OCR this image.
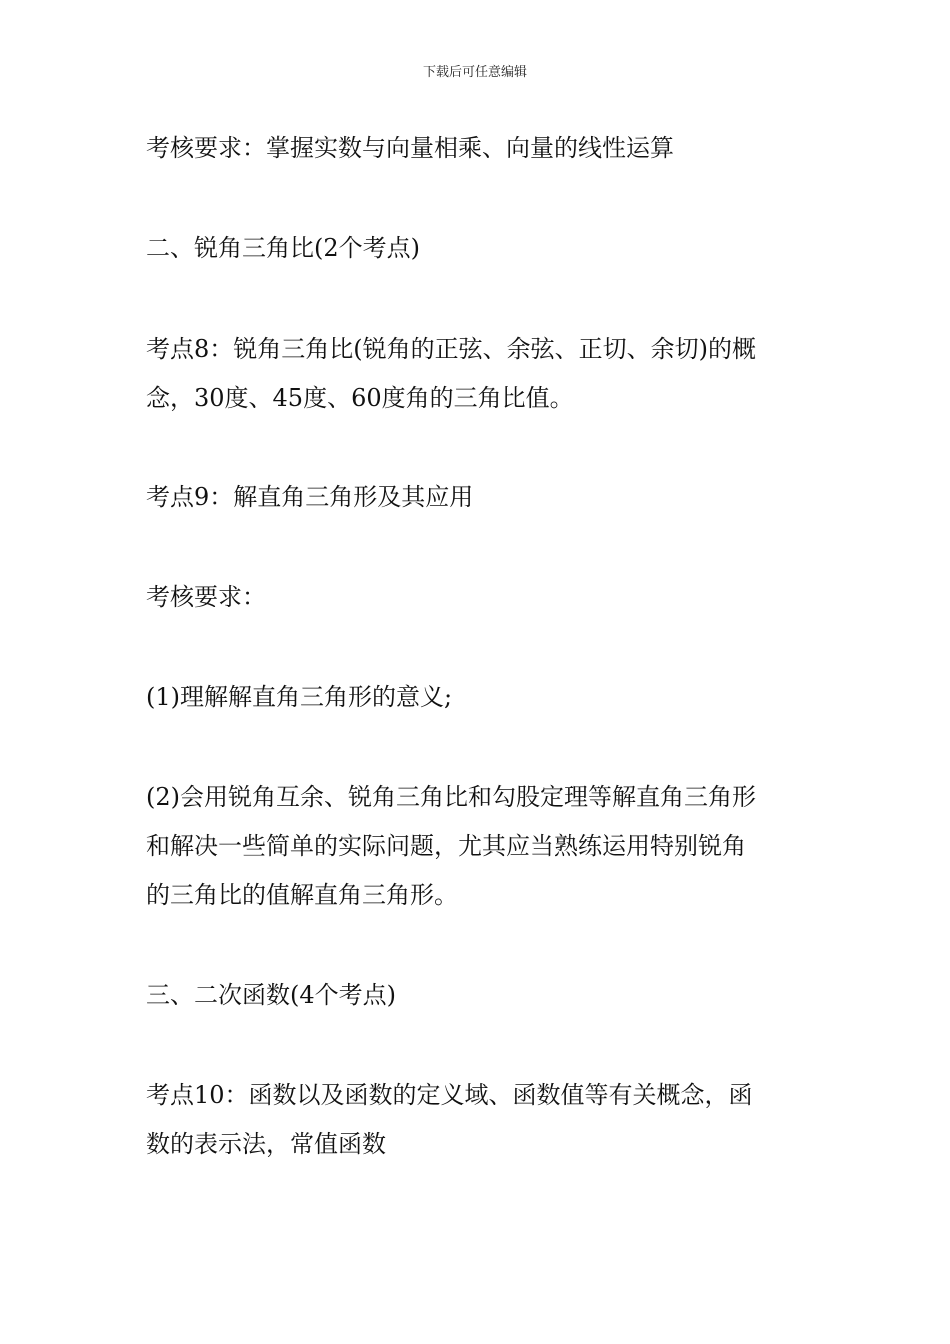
下载后可任意编辑
考核要求：掌握实数与向量相乘、向量的线性运算
二、锐角三角比(2个考点)
考点8：锐角三角比(锐角的正弦、余弦、正切、余切)的概
念，30度、45度、60度角的三角比值。
考点9：解直角三角形及其应用
考核要求：
(1)理解解直角三角形的意义;
(2)会用锐角互余、锐角三角比和勾股定理等解直角三角形
和解决一些简单的实际问题，尤其应当熟练运用特别锐角
的三角比的值解直角三角形。
三、二次函数(4个考点)
考点10：函数以及函数的定义域、函数值等有关概念，函
数的表示法，常值函数
